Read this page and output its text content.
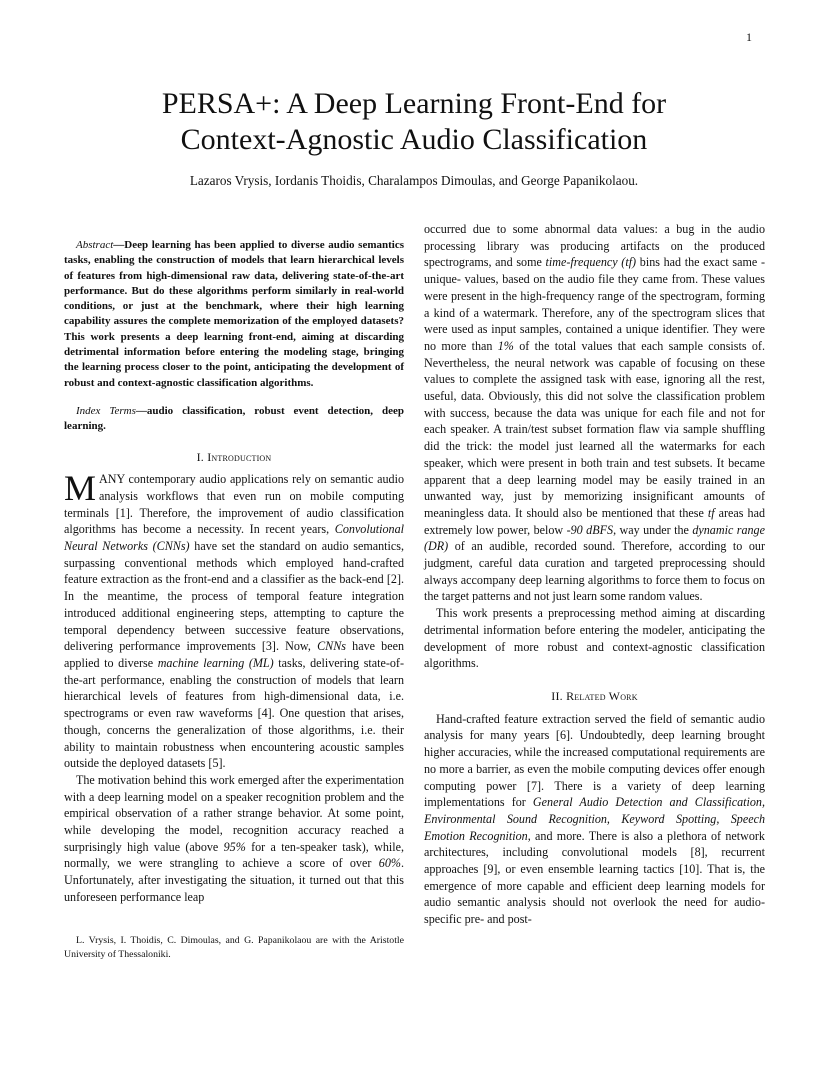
1
PERSA+: A Deep Learning Front-End for
Context-Agnostic Audio Classification
Lazaros Vrysis, Iordanis Thoidis, Charalampos Dimoulas, and George Papanikolaou.

Abstract—Deep learning has been applied to diverse audio semantics tasks, enabling the construction of models that learn hierarchical levels of features from high-dimensional raw data, delivering state-of-the-art performance. But do these algorithms perform similarly in real-world conditions, or just at the benchmark, where their high learning capability assures the complete memorization of the employed datasets? This work presents a deep learning front-end, aiming at discarding detrimental information before entering the modeling stage, bringing the learning process closer to the point, anticipating the development of robust and context-agnostic classification algorithms.

Index Terms—audio classification, robust event detection, deep learning.

I. Introduction

MANY contemporary audio applications rely on semantic audio analysis workflows that even run on mobile computing terminals [1]. Therefore, the improvement of audio classification algorithms has become a necessity. In recent years, Convolutional Neural Networks (CNNs) have set the standard on audio semantics, surpassing conventional methods which employed hand-crafted feature extraction as the front-end and a classifier as the back-end [2]. In the meantime, the process of temporal feature integration introduced additional engineering steps, attempting to capture the temporal dependency between successive feature observations, delivering performance improvements [3]. Now, CNNs have been applied to diverse machine learning (ML) tasks, delivering state-of-the-art performance, enabling the construction of models that learn hierarchical levels of features from high-dimensional data, i.e. spectrograms or even raw waveforms [4]. One question that arises, though, concerns the generalization of those algorithms, i.e. their ability to maintain robustness when encountering acoustic samples outside the deployed datasets [5].

The motivation behind this work emerged after the experimentation with a deep learning model on a speaker recognition problem and the empirical observation of a rather strange behavior. At some point, while developing the model, recognition accuracy reached a surprisingly high value (above 95% for a ten-speaker task), while, normally, we were strangling to achieve a score of over 60%. Unfortunately, after investigating the situation, it turned out that this unforeseen performance leap

L. Vrysis, I. Thoidis, C. Dimoulas, and G. Papanikolaou are with the Aristotle University of Thessaloniki.

occurred due to some abnormal data values: a bug in the audio processing library was producing artifacts on the produced spectrograms, and some time-frequency (tf) bins had the exact same -unique- values, based on the audio file they came from. These values were present in the high-frequency range of the spectrogram, forming a kind of a watermark. Therefore, any of the spectrogram slices that were used as input samples, contained a unique identifier. They were no more than 1% of the total values that each sample consists of. Nevertheless, the neural network was capable of focusing on these values to complete the assigned task with ease, ignoring all the rest, useful, data. Obviously, this did not solve the classification problem with success, because the data was unique for each file and not for each speaker. A train/test subset formation flaw via sample shuffling did the trick: the model just learned all the watermarks for each speaker, which were present in both train and test subsets. It became apparent that a deep learning model may be easily trained in an unwanted way, just by memorizing insignificant amounts of meaningless data. It should also be mentioned that these tf areas had extremely low power, below -90 dBFS, way under the dynamic range (DR) of an audible, recorded sound. Therefore, according to our judgment, careful data curation and targeted preprocessing should always accompany deep learning algorithms to force them to focus on the target patterns and not just learn some random values.

This work presents a preprocessing method aiming at discarding detrimental information before entering the modeler, anticipating the development of more robust and context-agnostic classification algorithms.

II. Related Work

Hand-crafted feature extraction served the field of semantic audio analysis for many years [6]. Undoubtedly, deep learning brought higher accuracies, while the increased computational requirements are no more a barrier, as even the mobile computing devices offer enough computing power [7]. There is a variety of deep learning implementations for General Audio Detection and Classification, Environmental Sound Recognition, Keyword Spotting, Speech Emotion Recognition, and more. There is also a plethora of network architectures, including convolutional models [8], recurrent approaches [9], or even ensemble learning tactics [10]. That is, the emergence of more capable and efficient deep learning models for audio semantic analysis should not overlook the need for audio-specific pre- and post-
